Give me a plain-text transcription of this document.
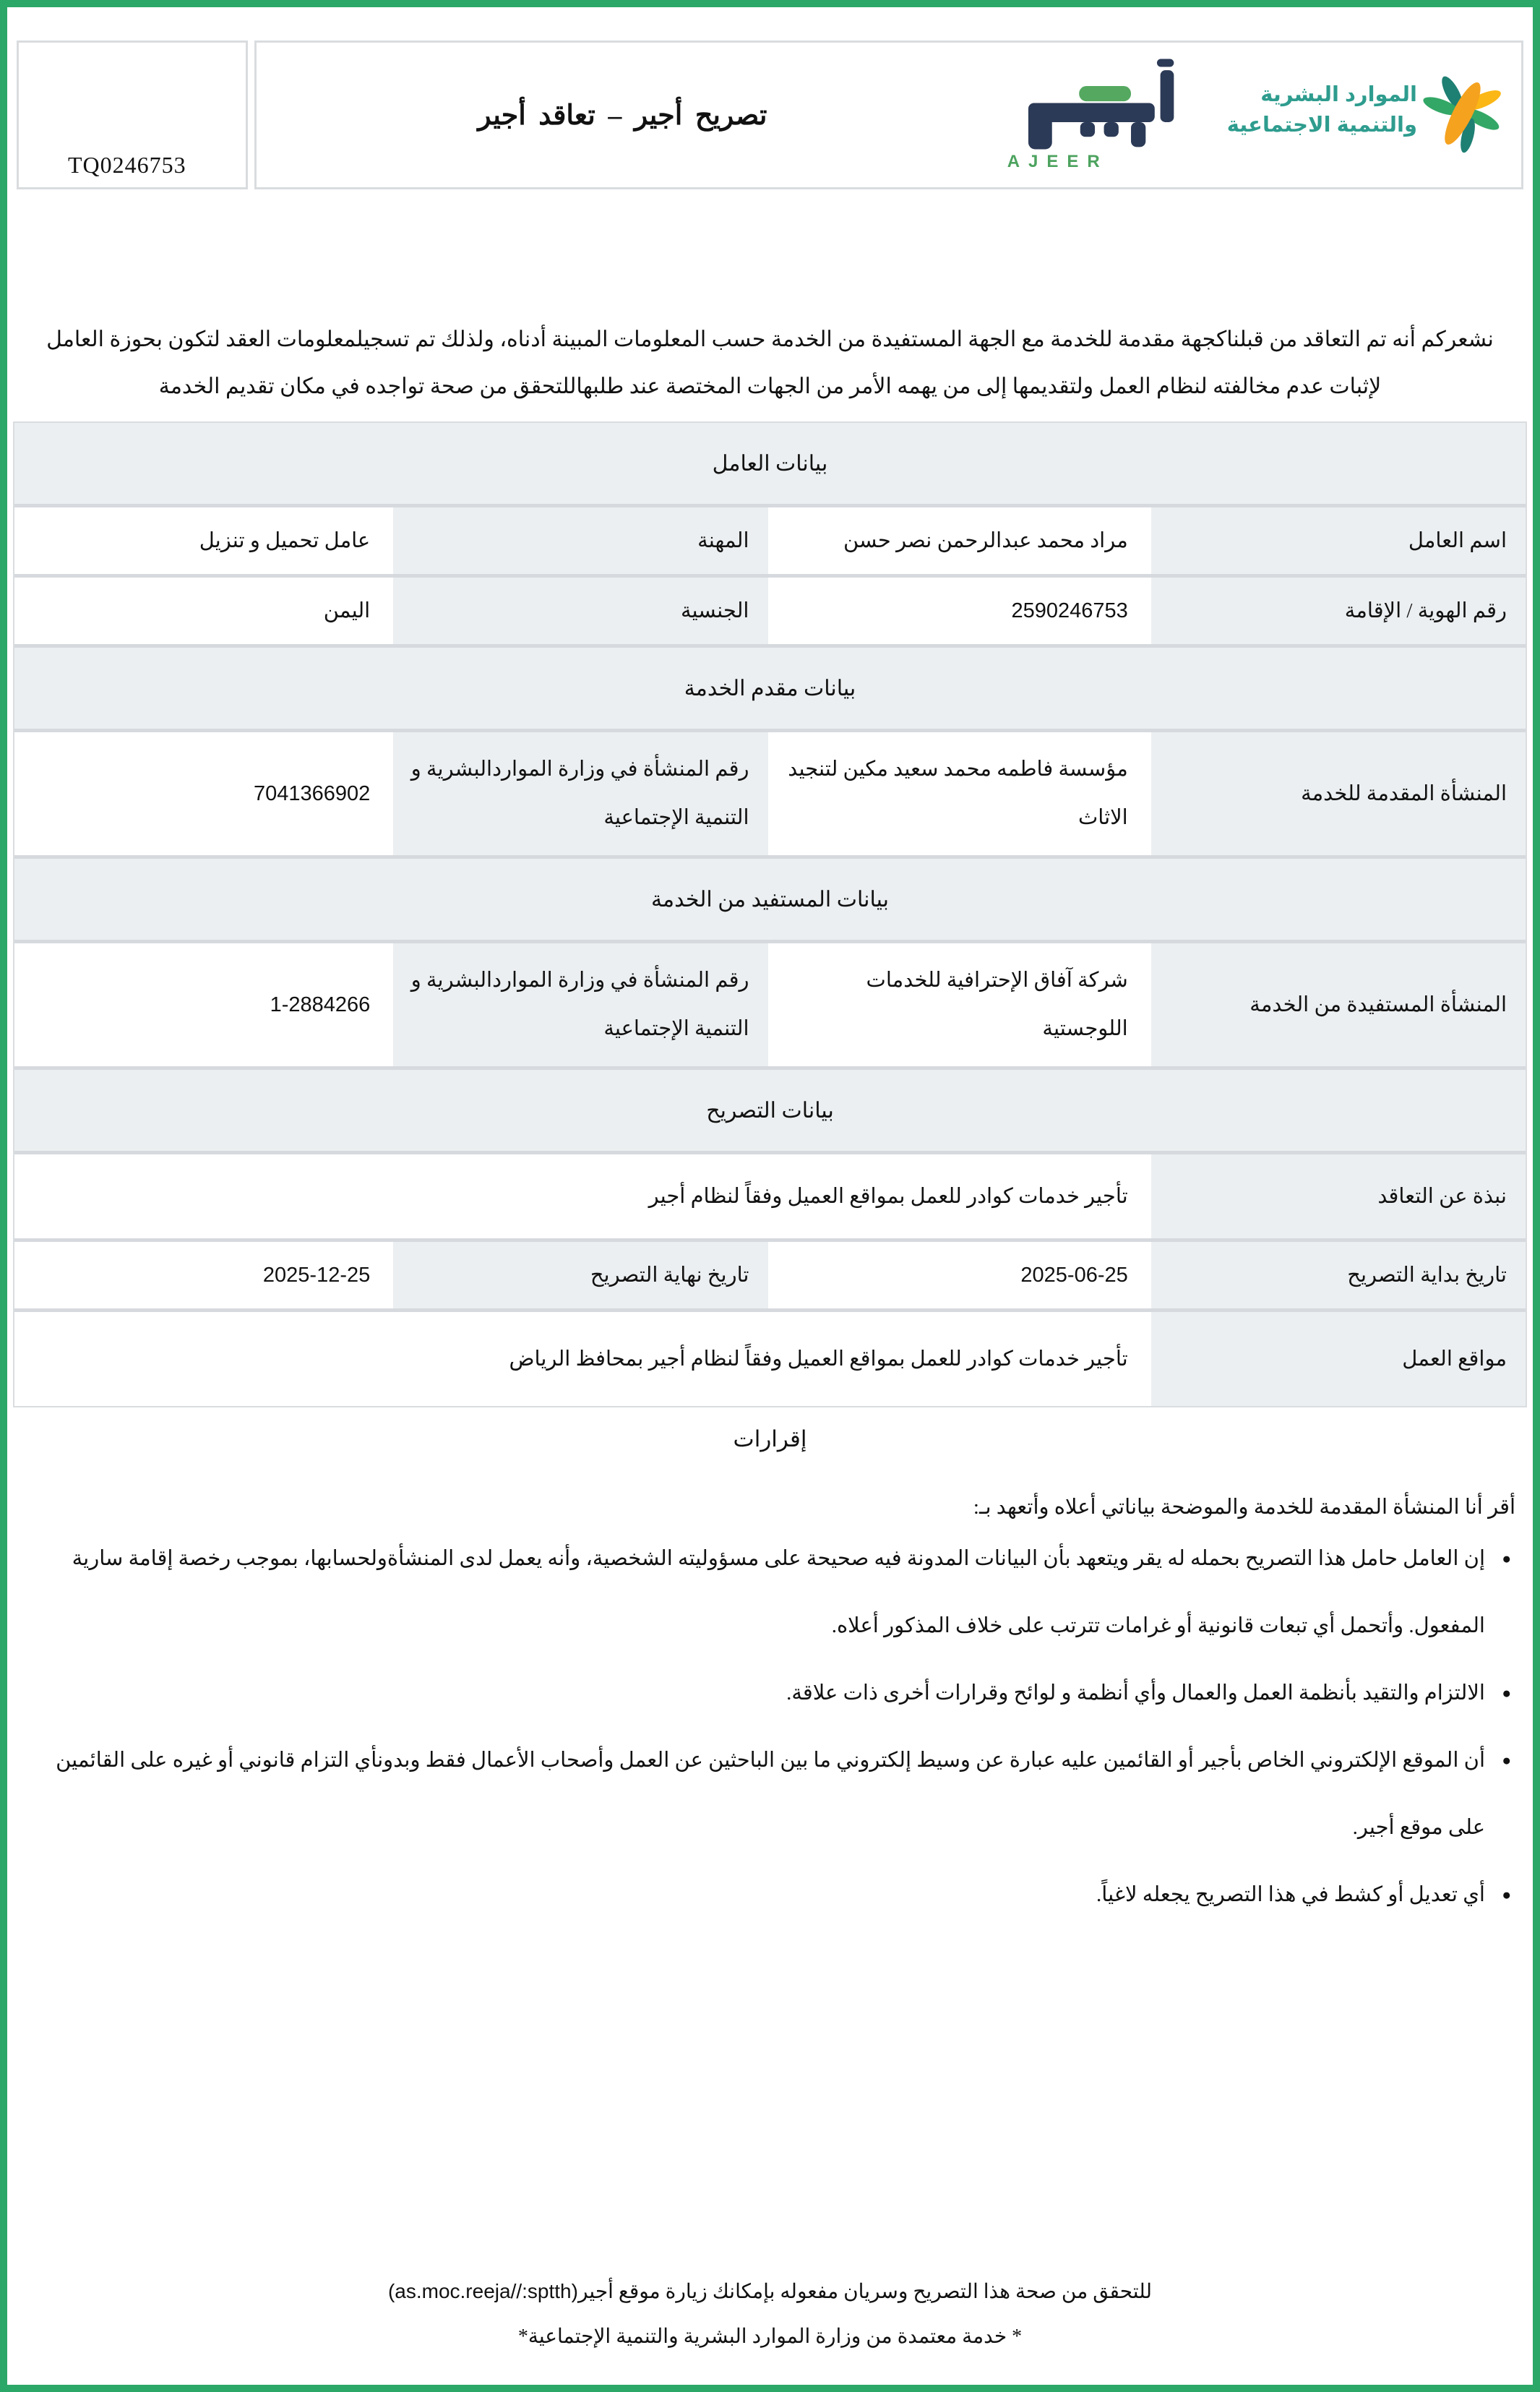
TQ0246753
تصريح أجير – تعاقد أجير
AJEER
الموارد البشرية
والتنمية الاجتماعية
نشعركم أنه تم التعاقد من قبلناكجهة مقدمة للخدمة مع الجهة المستفيدة من الخدمة حسب المعلومات المبينة أدناه، ولذلك تم تسجيلمعلومات العقد لتكون بحوزة العامل لإثبات عدم مخالفته لنظام العمل ولتقديمها إلى من يهمه الأمر من الجهات المختصة عند طلبهاللتحقق من صحة تواجده في مكان تقديم الخدمة
بيانات العامل
اسم العامل
مراد محمد عبدالرحمن نصر حسن
المهنة
عامل تحميل و تنزيل
رقم الهوية / الإقامة
2590246753
الجنسية
اليمن
بيانات مقدم الخدمة
المنشأة المقدمة للخدمة
مؤسسة فاطمه محمد سعيد مكين لتنجيد الاثاث
رقم المنشأة في وزارة المواردالبشرية و التنمية الإجتماعية
7041366902
بيانات المستفيد من الخدمة
المنشأة المستفيدة من الخدمة
شركة آفاق الإحترافية للخدمات اللوجستية
رقم المنشأة في وزارة المواردالبشرية و التنمية الإجتماعية
1-2884266
بيانات التصريح
نبذة عن التعاقد
تأجير خدمات كوادر للعمل بمواقع العميل وفقاً لنظام أجير
تاريخ بداية التصريح
2025-06-25
تاريخ نهاية التصريح
2025-12-25
مواقع العمل
تأجير خدمات كوادر للعمل بمواقع العميل وفقاً لنظام أجير بمحافظ الرياض
إقرارات
أقر أنا المنشأة المقدمة للخدمة والموضحة بياناتي أعلاه وأتعهد بـ:
●
إن العامل حامل هذا التصريح بحمله له يقر ويتعهد بأن البيانات المدونة فيه صحيحة على مسؤوليته الشخصية، وأنه يعمل لدى المنشأةولحسابها، بموجب رخصة إقامة سارية المفعول. وأتحمل أي تبعات قانونية أو غرامات تترتب على خلاف المذكور أعلاه.
●
الالتزام والتقيد بأنظمة العمل والعمال وأي أنظمة و لوائح وقرارات أخرى ذات علاقة.
●
أن الموقع الإلكتروني الخاص بأجير أو القائمين عليه عبارة عن وسيط إلكتروني ما بين الباحثين عن العمل وأصحاب الأعمال فقط وبدونأي التزام قانوني أو غيره على القائمين على موقع أجير.
●
أي تعديل أو كشط في هذا التصريح يجعله لاغياً.
للتحقق من صحة هذا التصريح وسريان مفعوله بإمكانك زيارة موقع أجير(as.moc.reeja//:sptth)
* خدمة معتمدة من وزارة الموارد البشرية والتنمية الإجتماعية*
